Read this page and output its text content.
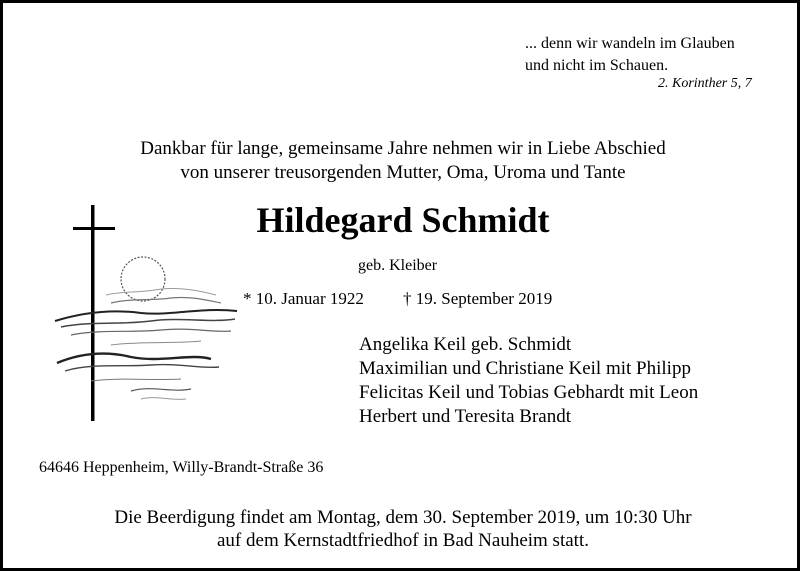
... denn wir wandeln im Glauben
und nicht im Schauen.
2. Korinther 5, 7
Dankbar für lange, gemeinsame Jahre nehmen wir in Liebe Abschied
von unserer treusorgenden Mutter, Oma, Uroma und Tante
Hildegard Schmidt
geb. Kleiber
* 10. Januar 1922 † 19. September 2019
Angelika Keil geb. Schmidt
Maximilian und Christiane Keil mit Philipp
Felicitas Keil und Tobias Gebhardt mit Leon
Herbert und Teresita Brandt
64646 Heppenheim, Willy-Brandt-Straße 36
Die Beerdigung findet am Montag, dem 30. September 2019, um 10:30 Uhr
auf dem Kernstadtfriedhof in Bad Nauheim statt.
